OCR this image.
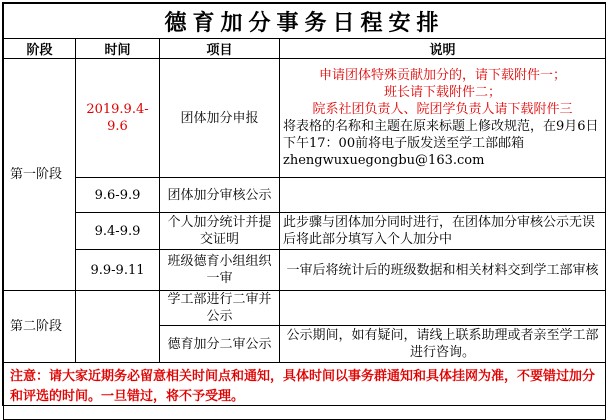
德育加分事务日程安排			
阶段	时间	项目	说明
第一阶段	2019.9.4-9.6	团体加分申报	申请团体特殊贡献加分的，请下载附件一；
班长请下载附件二；
院系社团负责人、院团学负责人请下载附件三
将表格的名称和主题在原来标题上修改规范，在9月6日下午17：00前将电子版发送至学工部邮箱zhengwuxuegongbu@163.com

	9.6-9.9	团体加分审核公示	
	9.4-9.9	个人加分统计并提交证明	此步骤与团体加分同时进行，在团体加分审核公示无误后将此部分填写入个人加分中
	9.9-9.11	班级德育小组组织一审	一审后将统计后的班级数据和相关材料交到学工部审核
第二阶段		学工部进行二审并公示	
		德育加分二审公示	公示期间，如有疑问，请线上联系助理或者亲至学工部进行咨询。
注意：请大家近期务必留意相关时间点和通知，具体时间以事务群通知和具体挂网为准，不要错过加分和评选的时间。一旦错过，将不予受理。			
